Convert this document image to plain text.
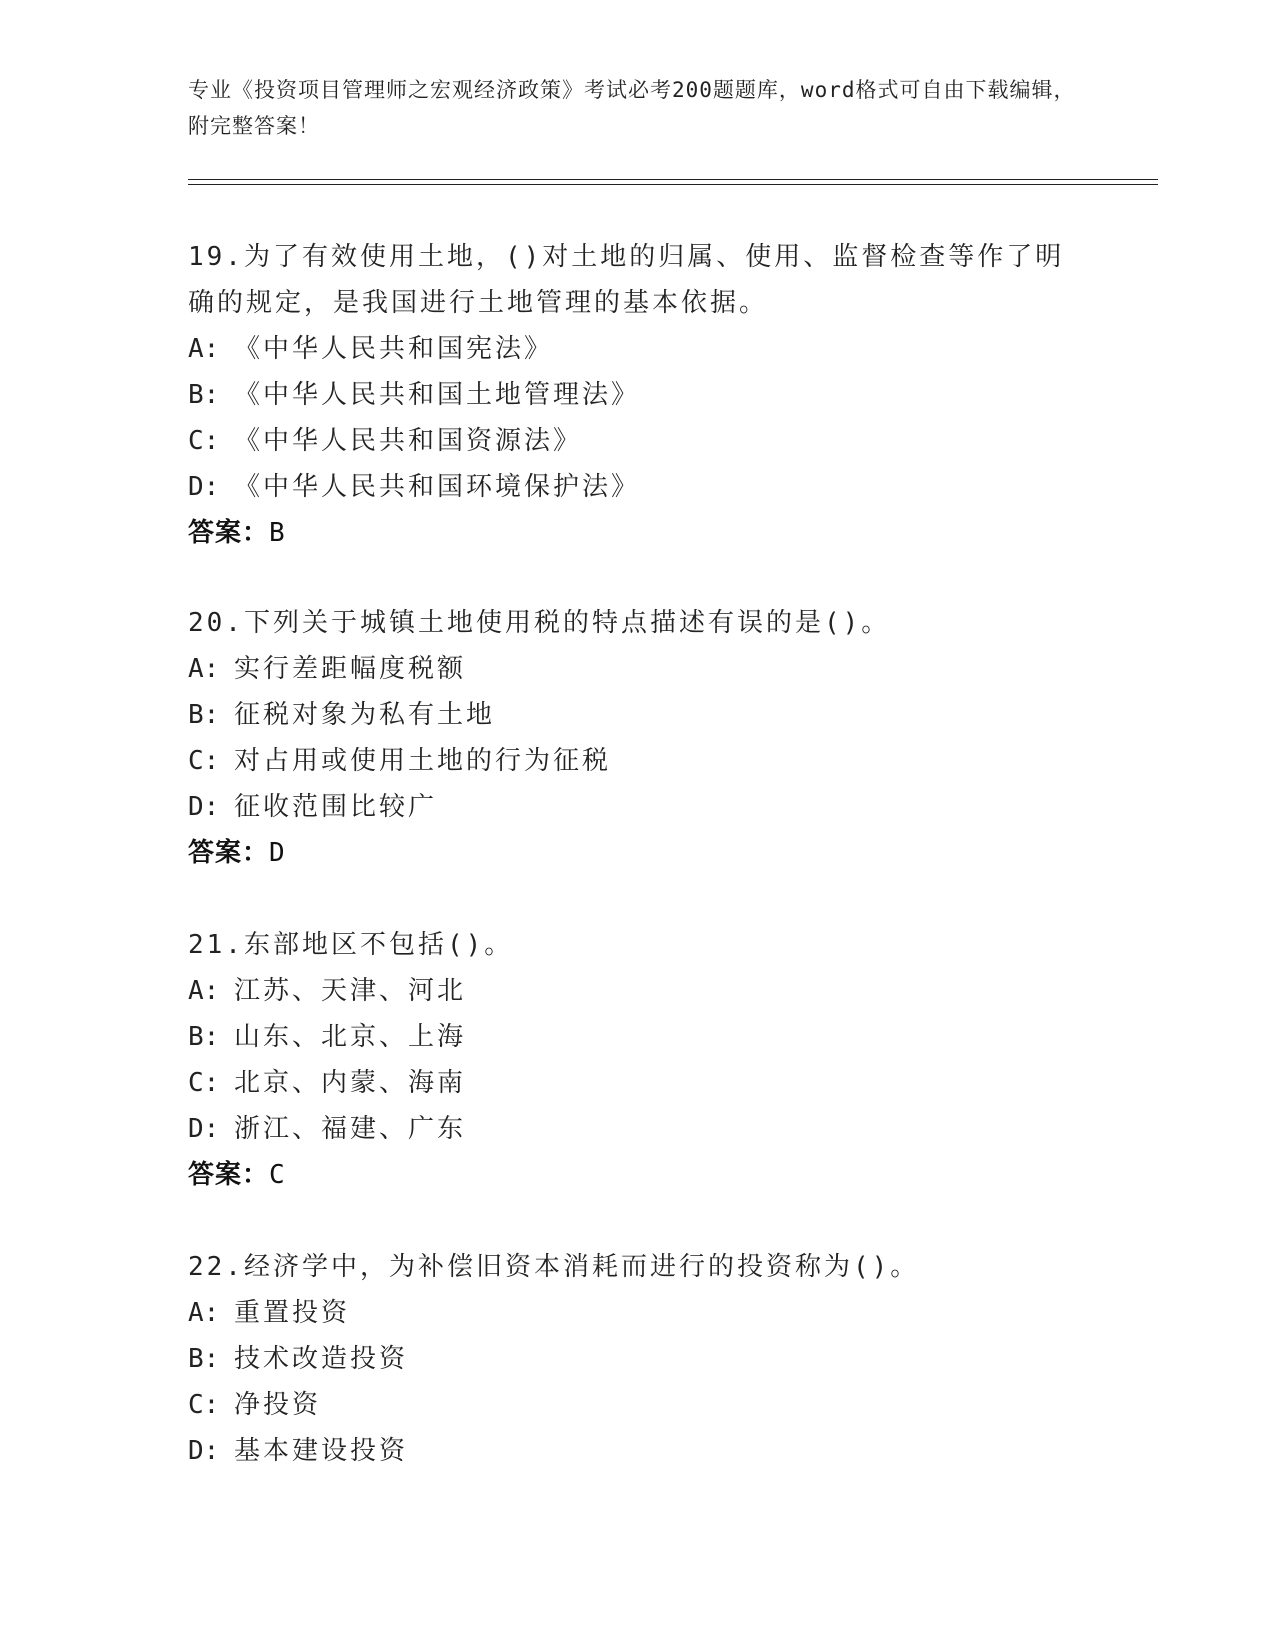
专业《投资项目管理师之宏观经济政策》考试必考200题题库，word格式可自由下载编辑，附完整答案！

19.为了有效使用土地，()对土地的归属、使用、监督检查等作了明确的规定，是我国进行土地管理的基本依据。

A: 《中华人民共和国宪法》

B: 《中华人民共和国土地管理法》

C: 《中华人民共和国资源法》

D: 《中华人民共和国环境保护法》

答案：B

20.下列关于城镇土地使用税的特点描述有误的是()。

A: 实行差距幅度税额

B: 征税对象为私有土地

C: 对占用或使用土地的行为征税

D: 征收范围比较广

答案：D

21.东部地区不包括()。

A: 江苏、天津、河北

B: 山东、北京、上海

C: 北京、内蒙、海南

D: 浙江、福建、广东

答案：C

22.经济学中，为补偿旧资本消耗而进行的投资称为()。

A: 重置投资

B: 技术改造投资

C: 净投资

D: 基本建设投资
